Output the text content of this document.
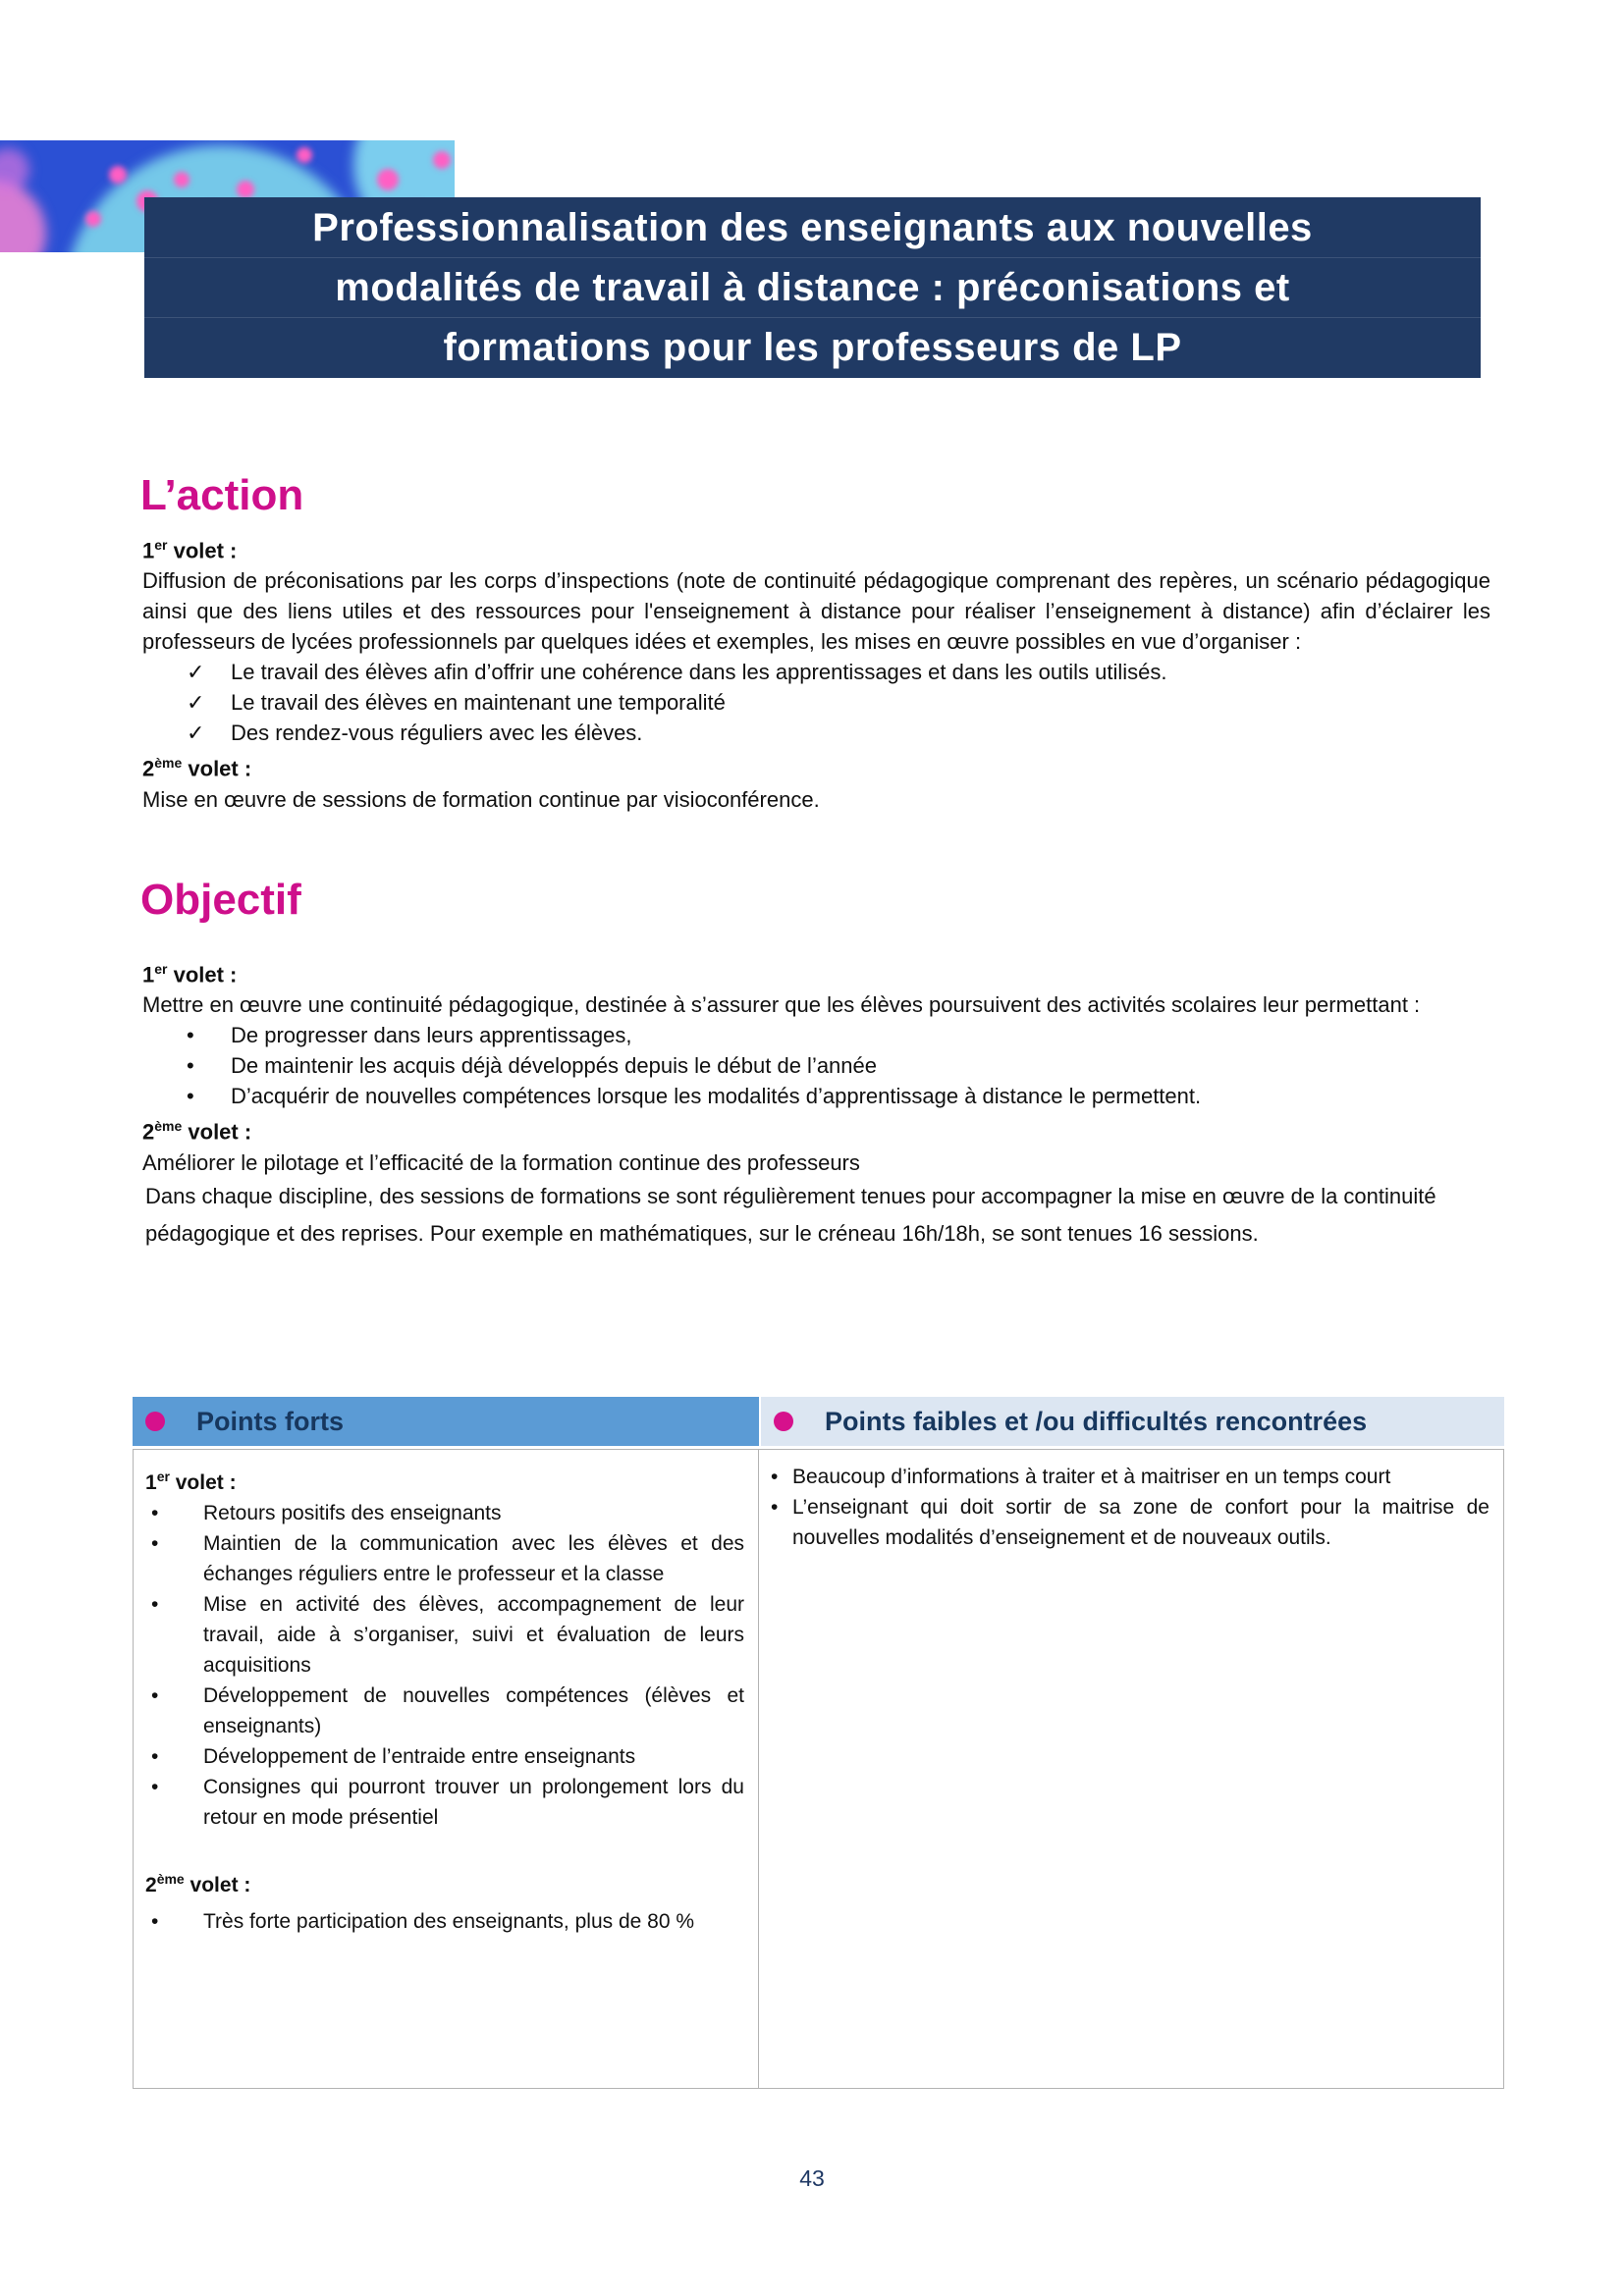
Professionnalisation des enseignants aux nouvelles
modalités de travail à distance : préconisations et
formations pour les professeurs de LP
L’action

1er volet :

Diffusion de préconisations par les corps d’inspections (note de continuité pédagogique comprenant des repères, un scénario pédagogique ainsi que des liens utiles et des ressources pour l'enseignement à distance pour réaliser l’enseignement à distance) afin d’éclairer les professeurs de lycées professionnels par quelques idées et exemples, les mises en œuvre possibles en vue d’organiser :

✓	Le travail des élèves afin d’offrir une cohérence dans les apprentissages et dans les outils utilisés.
✓	Le travail des élèves en maintenant une temporalité
✓	Des rendez-vous réguliers avec les élèves.

2ème volet :

Mise en œuvre de sessions de formation continue par visioconférence.

Objectif

1er volet :

Mettre en œuvre une continuité pédagogique, destinée à s’assurer que les élèves poursuivent des activités scolaires leur permettant :

•	De progresser dans leurs apprentissages,
•	De maintenir les acquis déjà développés depuis le début de l’année
•	D’acquérir de nouvelles compétences lorsque les modalités d’apprentissage à distance le permettent.

2ème volet :

Améliorer le pilotage et l’efficacité de la formation continue des professeurs

Dans chaque discipline, des sessions de formations se sont régulièrement tenues pour accompagner la mise en œuvre de la continuité pédagogique et des reprises. Pour exemple en mathématiques, sur le créneau 16h/18h, se sont tenues 16 sessions.

Points forts	Points faibles et /ou difficultés rencontrées

1er volet :

•	Retours positifs des enseignants
•	Maintien de la communication avec les élèves et des échanges réguliers entre le professeur et la classe
•	Mise en activité des élèves, accompagnement de leur travail, aide à s’organiser, suivi et évaluation de leurs acquisitions
•	Développement de nouvelles compétences (élèves et enseignants)
•	Développement de l’entraide entre enseignants
•	Consignes qui pourront trouver un prolongement lors du retour en mode présentiel

2ème volet :

•	Très forte participation des enseignants, plus de 80 %
• Beaucoup d’informations à traiter et à maitriser en un temps court
• L’enseignant qui doit sortir de sa zone de confort pour la maitrise de nouvelles modalités d’enseignement et de nouveaux outils.
43
